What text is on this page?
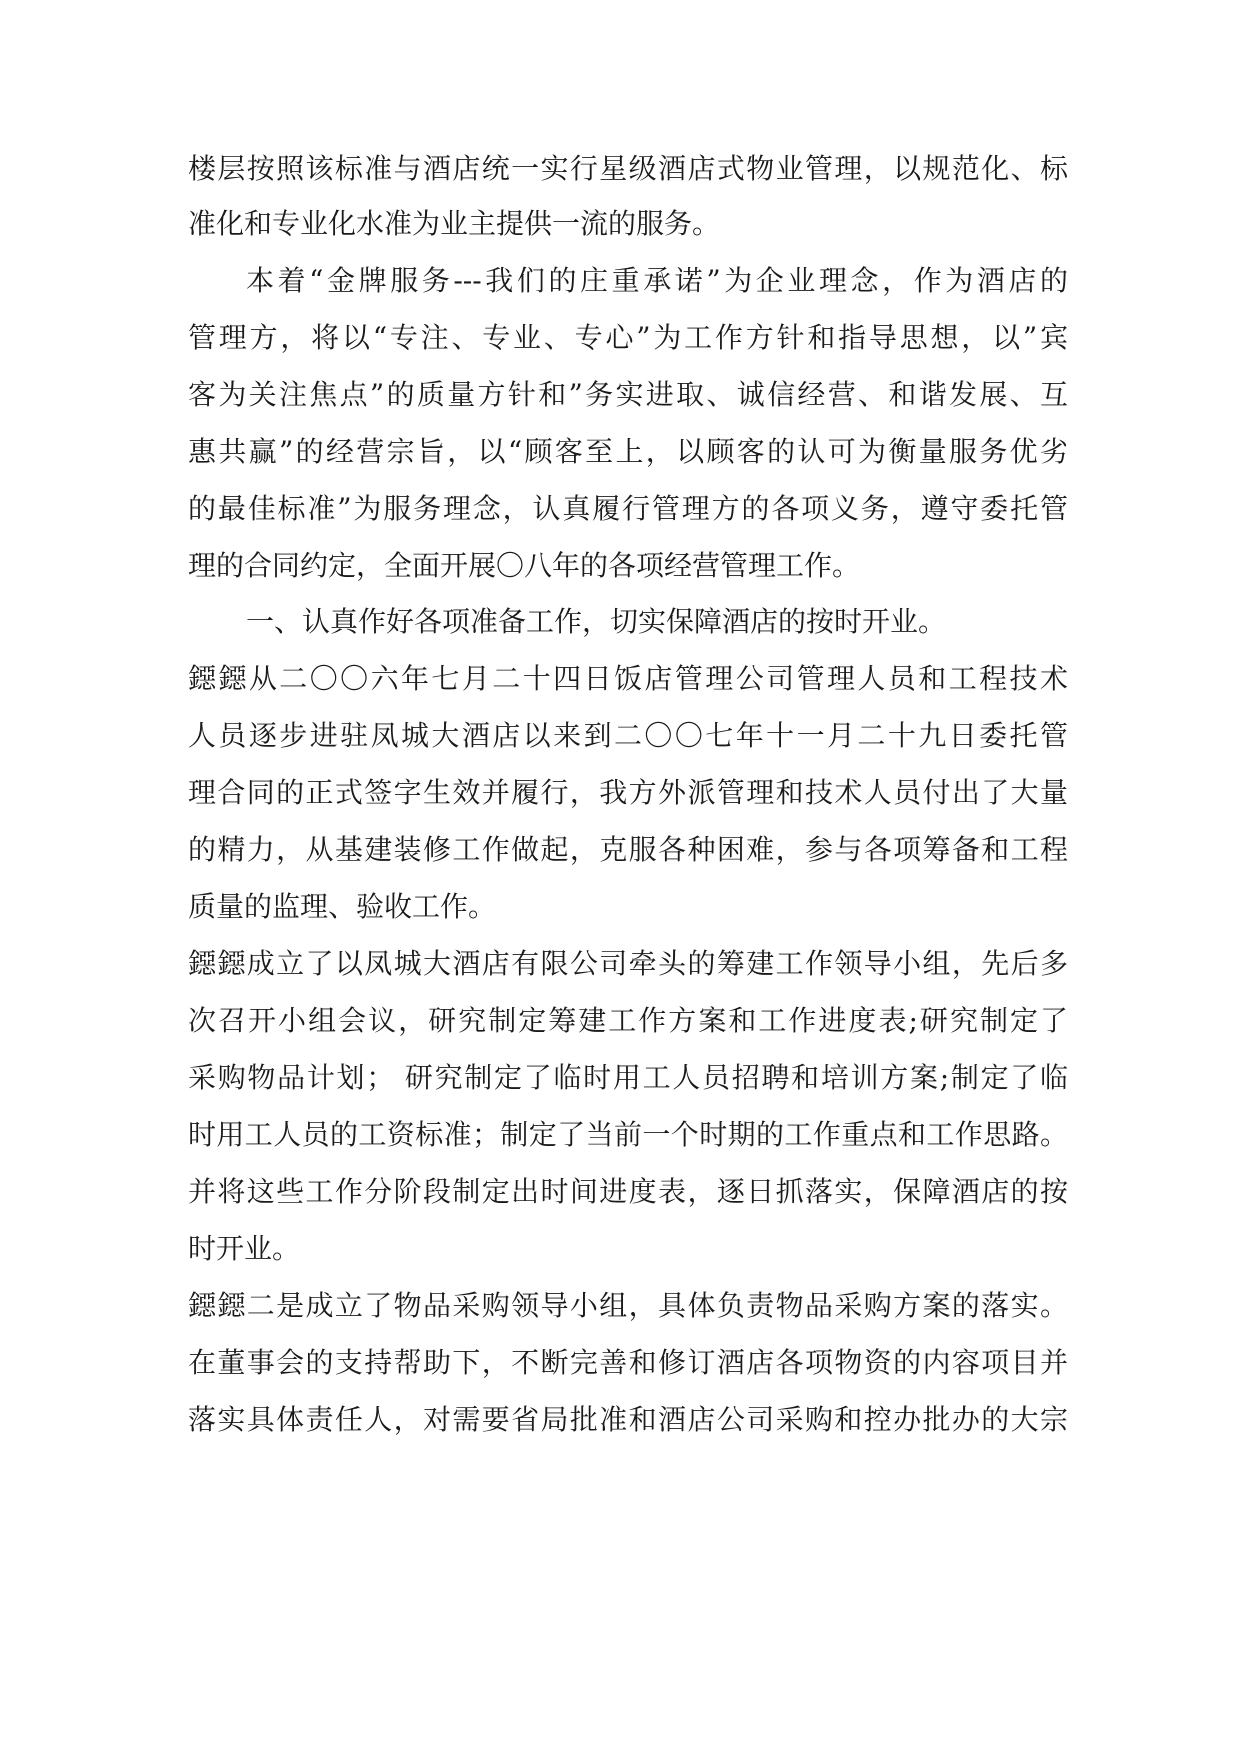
楼层按照该标准与酒店统一实行星级酒店式物业管理，以规范化、标
准化和专业化水准为业主提供一流的服务。
本着“金牌服务---我们的庄重承诺”为企业理念，作为酒店的
管理方，将以“专注、专业、专心”为工作方针和指导思想，以”宾
客为关注焦点”的质量方针和”务实进取、诚信经营、和谐发展、互
惠共赢”的经营宗旨，以“顾客至上，以顾客的认可为衡量服务优劣
的最佳标准”为服务理念，认真履行管理方的各项义务，遵守委托管
理的合同约定，全面开展〇八年的各项经营管理工作。
一、认真作好各项准备工作，切实保障酒店的按时开业。
鐚鐚从二〇〇六年七月二十四日饭店管理公司管理人员和工程技术
人员逐步进驻凤城大酒店以来到二〇〇七年十一月二十九日委托管
理合同的正式签字生效并履行，我方外派管理和技术人员付出了大量
的精力，从基建装修工作做起，克服各种困难，参与各项筹备和工程
质量的监理、验收工作。
鐚鐚成立了以凤城大酒店有限公司牵头的筹建工作领导小组，先后多
次召开小组会议，研究制定筹建工作方案和工作进度表;研究制定了
采购物品计划； 研究制定了临时用工人员招聘和培训方案;制定了临
时用工人员的工资标准；制定了当前一个时期的工作重点和工作思路。
并将这些工作分阶段制定出时间进度表，逐日抓落实，保障酒店的按
时开业。
鐚鐚二是成立了物品采购领导小组，具体负责物品采购方案的落实。
在董事会的支持帮助下，不断完善和修订酒店各项物资的内容项目并
落实具体责任人，对需要省局批准和酒店公司采购和控办批办的大宗
